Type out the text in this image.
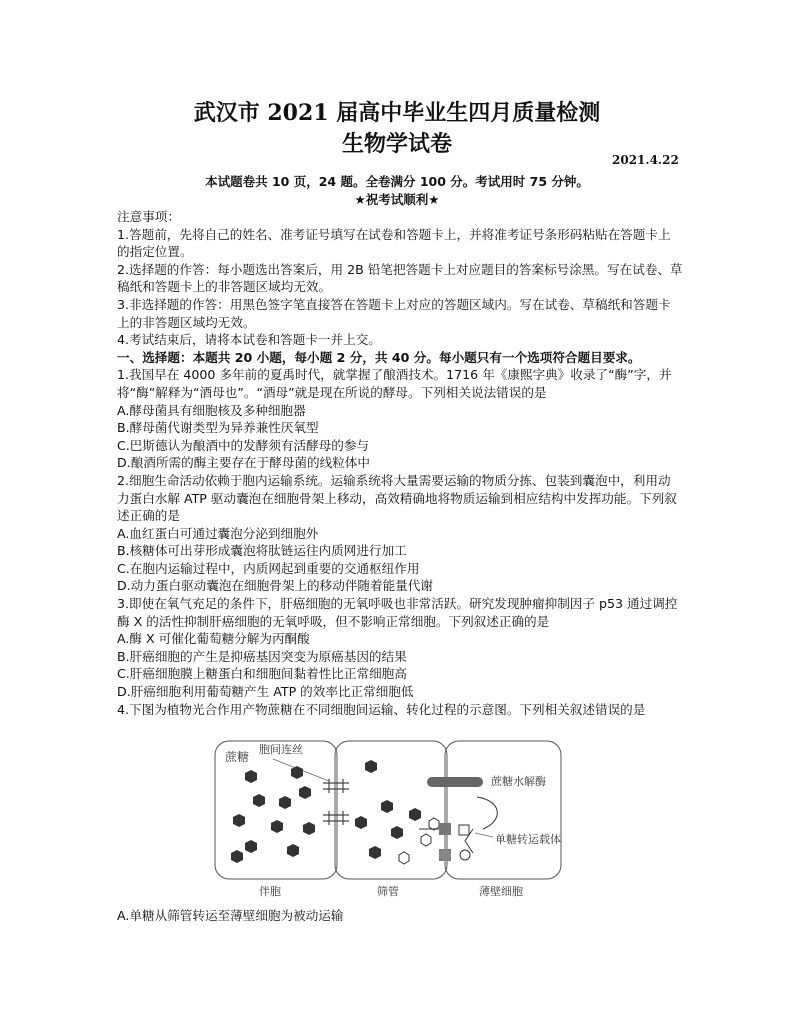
武汉市 2021 届高中毕业生四月质量检测
生物学试卷
2021.4.22
本试题卷共 10 页，24 题。全卷满分 100 分。考试用时 75 分钟。
★祝考试顺利★

注意事项：

1.答题前，先将自己的姓名、准考证号填写在试卷和答题卡上，并将准考证号条形码粘贴在答题卡上的指定位置。

2.选择题的作答：每小题选出答案后，用 2B 铅笔把答题卡上对应题目的答案标号涂黑。写在试卷、草稿纸和答题卡上的非答题区域均无效。

3.非选择题的作答：用黑色签字笔直接答在答题卡上对应的答题区域内。写在试卷、草稿纸和答题卡上的非答题区域均无效。

4.考试结束后，请将本试卷和答题卡一并上交。

一、选择题：本题共 20 小题，每小题 2 分，共 40 分。每小题只有一个选项符合题目要求。

1.我国早在 4000 多年前的夏禹时代，就掌握了酿酒技术。1716 年《康熙字典》收录了“酶”字，并将“酶”解释为“酒母也”。“酒母”就是现在所说的酵母。下列相关说法错误的是

A.酵母菌具有细胞核及多种细胞器

B.酵母菌代谢类型为异养兼性厌氧型

C.巴斯德认为酿酒中的发酵须有活酵母的参与

D.酿酒所需的酶主要存在于酵母菌的线粒体中

2.细胞生命活动依赖于胞内运输系统。运输系统将大量需要运输的物质分拣、包装到囊泡中，利用动力蛋白水解 ATP 驱动囊泡在细胞骨架上移动，高效精确地将物质运输到相应结构中发挥功能。下列叙述正确的是

A.血红蛋白可通过囊泡分泌到细胞外

B.核糖体可出芽形成囊泡将肽链运往内质网进行加工

C.在胞内运输过程中，内质网起到重要的交通枢纽作用

D.动力蛋白驱动囊泡在细胞骨架上的移动伴随着能量代谢

3.即使在氧气充足的条件下，肝癌细胞的无氧呼吸也非常活跃。研究发现肿瘤抑制因子 p53 通过调控酶 X 的活性抑制肝癌细胞的无氧呼吸，但不影响正常细胞。下列叙述正确的是

A.酶 X 可催化葡萄糖分解为丙酮酸

B.肝癌细胞的产生是抑癌基因突变为原癌基因的结果

C.肝癌细胞膜上糖蛋白和细胞间黏着性比正常细胞高

D.肝癌细胞利用葡萄糖产生 ATP 的效率比正常细胞低

4.下图为植物光合作用产物蔗糖在不同细胞间运输、转化过程的示意图。下列相关叙述错误的是

蔗糖
胞间连丝
蔗糖水解酶
单糖转运载体
伴胞	筛管	薄壁细胞
A.单糖从筛管转运至薄壁细胞为被动运输
